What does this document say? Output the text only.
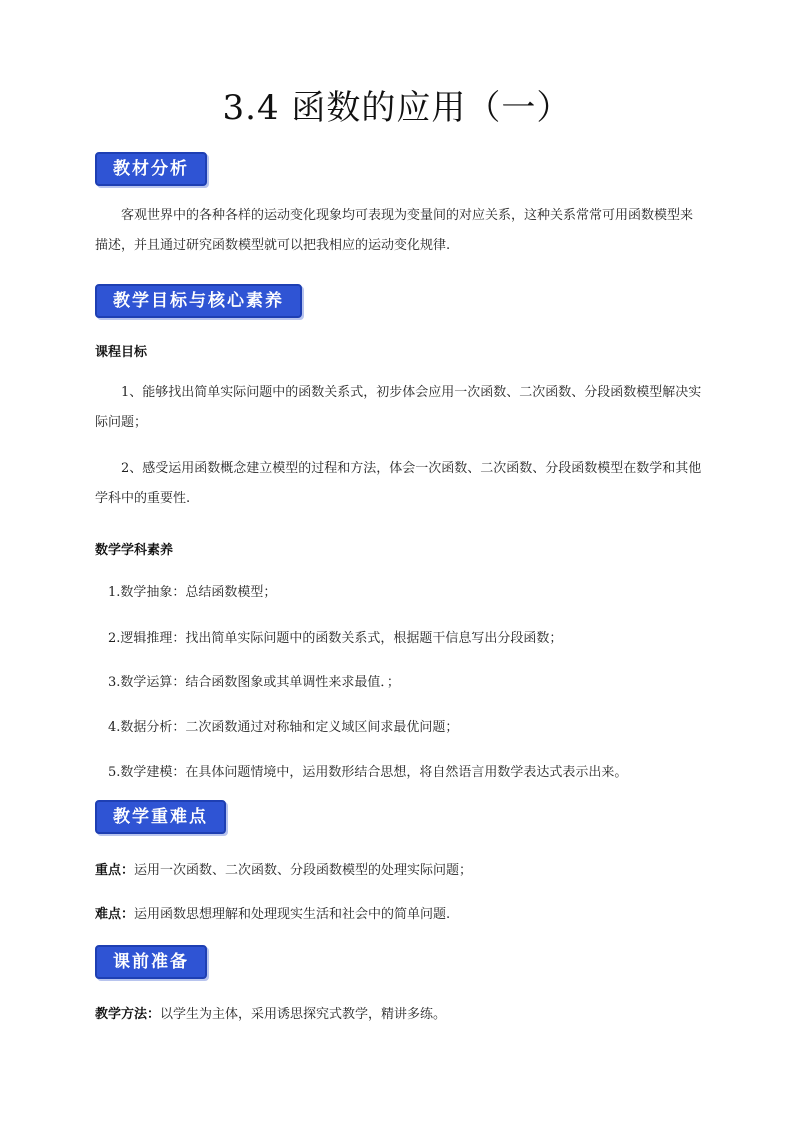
3.4 函数的应用（一）
教材分析

客观世界中的各种各样的运动变化现象均可表现为变量间的对应关系，这种关系常常可用函数模型来描述，并且通过研究函数模型就可以把我相应的运动变化规律.

教学目标与核心素养

课程目标

1、能够找出简单实际问题中的函数关系式，初步体会应用一次函数、二次函数、分段函数模型解决实际问题；

2、感受运用函数概念建立模型的过程和方法，体会一次函数、二次函数、分段函数模型在数学和其他学科中的重要性.

数学学科素养

1.数学抽象：总结函数模型；

2.逻辑推理：找出简单实际问题中的函数关系式，根据题干信息写出分段函数；

3.数学运算：结合函数图象或其单调性来求最值．；

4.数据分析：二次函数通过对称轴和定义域区间求最优问题；

5.数学建模：在具体问题情境中，运用数形结合思想，将自然语言用数学表达式表示出来。

教学重难点

重点：运用一次函数、二次函数、分段函数模型的处理实际问题；

难点：运用函数思想理解和处理现实生活和社会中的简单问题.

课前准备

教学方法：以学生为主体，采用诱思探究式教学，精讲多练。
